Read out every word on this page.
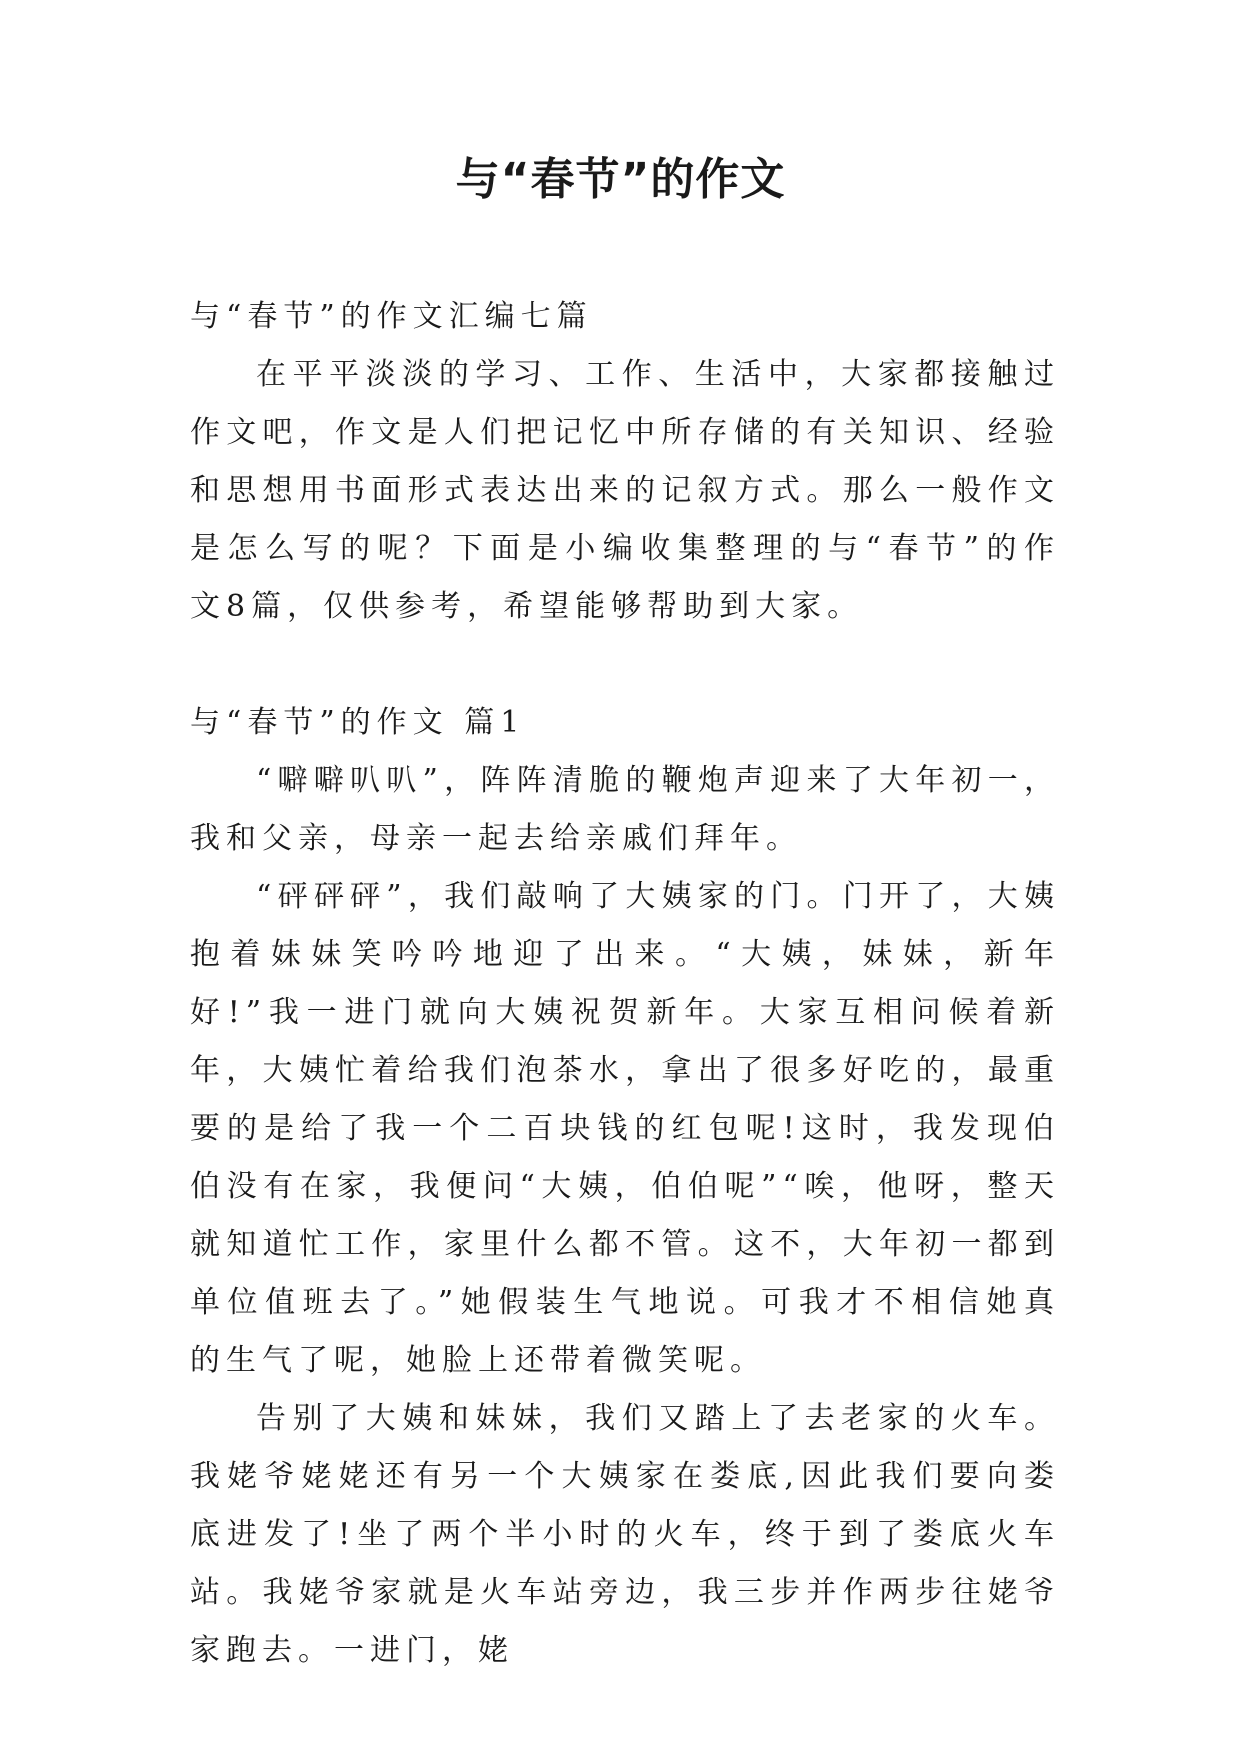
与“春节”的作文

与“春节”的作文汇编七篇

在平平淡淡的学习、工作、生活中，大家都接触过作文吧，作文是人们把记忆中所存储的有关知识、经验和思想用书面形式表达出来的记叙方式。那么一般作文是怎么写的呢？下面是小编收集整理的与“春节”的作文8篇，仅供参考，希望能够帮助到大家。

与“春节”的作文 篇1

“噼噼叭叭”，阵阵清脆的鞭炮声迎来了大年初一，我和父亲，母亲一起去给亲戚们拜年。

“砰砰砰”，我们敲响了大姨家的门。门开了，大姨抱着妹妹笑吟吟地迎了出来。“大姨，妹妹，新年好!”我一进门就向大姨祝贺新年。大家互相问候着新年，大姨忙着给我们泡茶水，拿出了很多好吃的，最重要的是给了我一个二百块钱的红包呢!这时，我发现伯伯没有在家，我便问“大姨，伯伯呢”“唉，他呀，整天就知道忙工作，家里什么都不管。这不，大年初一都到单位值班去了。”她假装生气地说。可我才不相信她真的生气了呢，她脸上还带着微笑呢。

告别了大姨和妹妹，我们又踏上了去老家的火车。我姥爷姥姥还有另一个大姨家在娄底,因此我们要向娄底进发了!坐了两个半小时的火车，终于到了娄底火车站。我姥爷家就是火车站旁边，我三步并作两步往姥爷家跑去。一进门，姥
